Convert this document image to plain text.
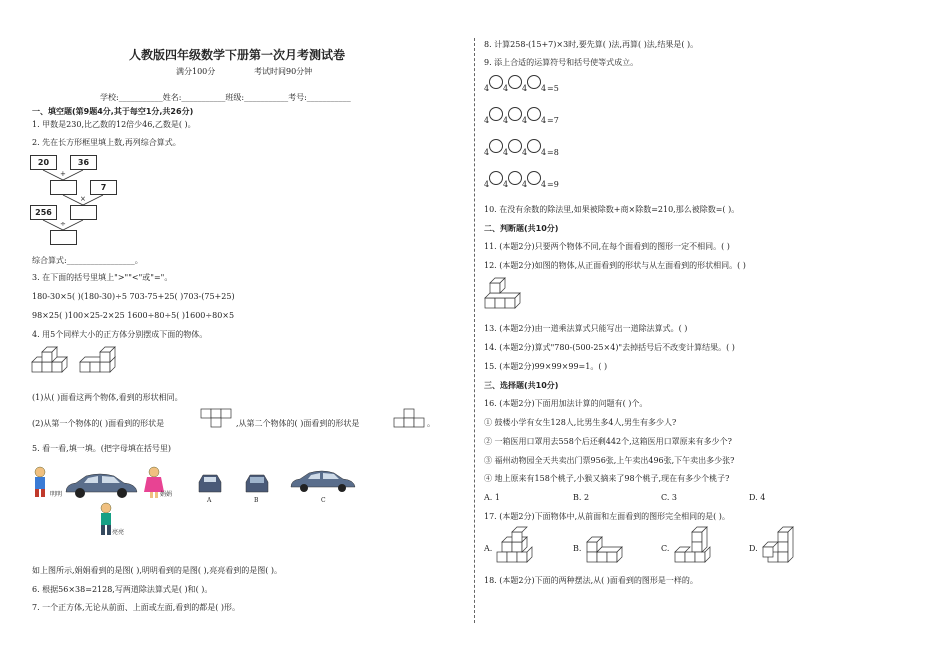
人教版四年级数学下册第一次月考测试卷
满分100分	考试时间90分钟
学校:___________姓名:___________班级:___________考号:___________
一、填空题(第9题4分,其于每空1分,共26分)
1. 甲数是230,比乙数的12倍少46,乙数是( )。
2. 先在长方形框里填上数,再列综合算式。
20	36
7
256
+
×
÷
综合算式:_________________。
3. 在下面的括号里填上">""<"或"="。
180-30×5( )(180-30)÷5 703-75+25( )703-(75+25)
98×25( )100×25-2×25 1600÷80÷5( )1600÷80×5
4. 用5个同样大小的正方体分别摆成下面的物体。
(1)从( )面看这两个物体,看到的形状相同。
(2)从第一个物体的( )面看到的形状是	,从第二个物体的( )面看到的形状是	。
5. 看一看,填一填。(把字母填在括号里)
明明	娟娟
A	B	C
亮亮
如上图所示,娟娟看到的是图( ),明明看到的是图( ),亮亮看到的是图( )。
6. 根据56×38=2128,写两道除法算式是( )和( )。
7. 一个正方体,无论从前面、上面或左面,看到的都是( )形。
8. 计算258-(15+7)×3时,要先算( )法,再算( )法,结果是( )。
9. 添上合适的运算符号和括号使等式成立。
4 4 4 4 =5
4 4 4 4 =7
4 4 4 4 =8
4 4 4 4 =9
10. 在没有余数的除法里,如果被除数+商×除数=210,那么被除数=( )。
二、判断题(共10分)
11. (本题2分)只要两个物体不同,在每个面看到的图形一定不相同。( )
12. (本题2分)如图的物体,从正面看到的形状与从左面看到的形状相同。( )
13. (本题2分)由一道乘法算式只能写出一道除法算式。( )
14. (本题2分)算式"780-(500-25×4)"去掉括号后不改变计算结果。( )
15. (本题2分)99×99×99=1。( )
三、选择题(共10分)
16. (本题2分)下面用加法计算的问题有( )个。
① 鼓楼小学有女生128人,比男生多4人,男生有多少人?
② 一箱医用口罩用去558个后还剩442个,这箱医用口罩原来有多少个?
③ 福州动物园全天共卖出门票956张,上午卖出496张,下午卖出多少张?
④ 地上原来有158个桃子,小猴又摘来了98个桃子,现在有多少个桃子?
A. 1	B. 2	C. 3	D. 4
17. (本题2分)下面物体中,从前面和左面看到的图形完全相同的是( )。
A.	B.	C.	D.
18. (本题2分)下面的两种摆法,从( )面看到的图形是一样的。
